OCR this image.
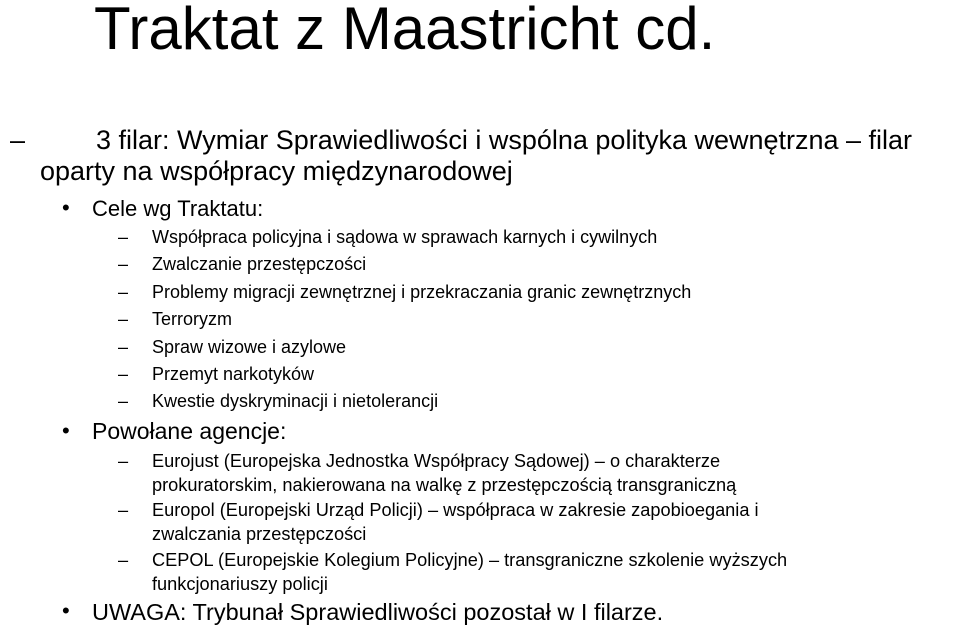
Traktat z Maastricht cd.
–	3 filar: Wymiar Sprawiedliwości i wspólna polityka wewnętrzna – filar
oparty na współpracy międzynarodowej
• Cele wg Traktatu:
– Współpraca policyjna i sądowa w sprawach karnych i cywilnych
– Zwalczanie przestępczości
– Problemy migracji zewnętrznej i przekraczania granic zewnętrznych
– Terroryzm
– Spraw wizowe i azylowe
– Przemyt narkotyków
– Kwestie dyskryminacji i nietolerancji
• Powołane agencje:
– Eurojust (Europejska Jednostka Współpracy Sądowej) – o charakterze
prokuratorskim, nakierowana na walkę z przestępczością transgraniczną
– Europol (Europejski Urząd Policji) – współpraca w zakresie zapobioegania i
zwalczania przestępczości
– CEPOL (Europejskie Kolegium Policyjne) – transgraniczne szkolenie wyższych
funkcjonariuszy policji
• UWAGA: Trybunał Sprawiedliwości pozostał w I filarze.
